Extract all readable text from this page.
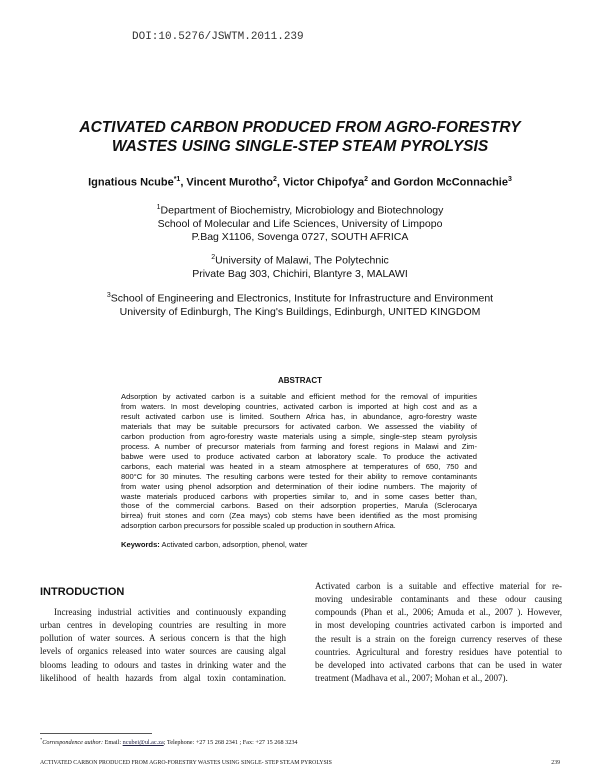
DOI:10.5276/JSWTM.2011.239
ACTIVATED CARBON PRODUCED FROM AGRO-FORESTRY
WASTES USING SINGLE-STEP STEAM PYROLYSIS
Ignatious Ncube$^{*1}$, Vincent Murotho$^2$, Victor Chipofya$^2$ and Gordon McConnachie$^3$
$^1$Department of Biochemistry, Microbiology and Biotechnology
School of Molecular and Life Sciences, University of Limpopo
P.Bag X1106, Sovenga 0727, SOUTH AFRICA
$^2$University of Malawi, The Polytechnic
Private Bag 303, Chichiri, Blantyre 3, MALAWI
$^3$School of Engineering and Electronics, Institute for Infrastructure and Environment
University of Edinburgh, The King's Buildings, Edinburgh, UNITED KINGDOM
ABSTRACT
Adsorption by activated carbon is a suitable and efficient method for the removal of impurities
from waters. In most developing countries, activated carbon is imported at high cost and as a
result activated carbon use is limited. Southern Africa has, in abundance, agro-forestry waste
materials that may be suitable precursors for activated carbon. We assessed the viability of
carbon production from agro-forestry waste materials using a simple, single-step steam pyrolysis
process. A number of precursor materials from farming and forest regions in Malawi and Zim-
babwe were used to produce activated carbon at laboratory scale. To produce the activated
carbons, each material was heated in a steam atmosphere at temperatures of 650, 750 and
800°C for 30 minutes. The resulting carbons were tested for their ability to remove contaminants
from water using phenol adsorption and determination of their iodine numbers. The majority of
waste materials produced carbons with properties similar to, and in some cases better than,
those of the commercial carbons. Based on their adsorption properties, Marula (Sclerocarya
birrea) fruit stones and corn (Zea mays) cob stems have been identified as the most promising
adsorption carbon precursors for possible scaled up production in southern Africa.
Keywords: Activated carbon, adsorption, phenol, water
INTRODUCTION
Increasing industrial activities and continuously expanding
urban centres in developing countries are resulting in more
pollution of water sources. A serious concern is that the high
levels of organics released into water sources are causing algal
blooms leading to odours and tastes in drinking water and the
likelihood of health hazards from algal toxin contamination.
Activated carbon is a suitable and effective material for re-
moving undesirable contaminants and these odour causing
compounds (Phan et al., 2006; Amuda et al., 2007 ). However,
in most developing countries activated carbon is imported and
the result is a strain on the foreign currency reserves of these
countries. Agricultural and forestry residues have potential to
be developed into activated carbons that can be used in water
treatment (Madhava et al., 2007; Mohan et al., 2007).
*Correspondence author: Email: ncubei@ul.ac.za; Telephone: +27 15 268 2341 ; Fax: +27 15 268 3234
ACTIVATED CARBON PRODUCED FROM AGRO-FORESTRY WASTES USING SINGLE- STEP STEAM PYROLYSIS	239
